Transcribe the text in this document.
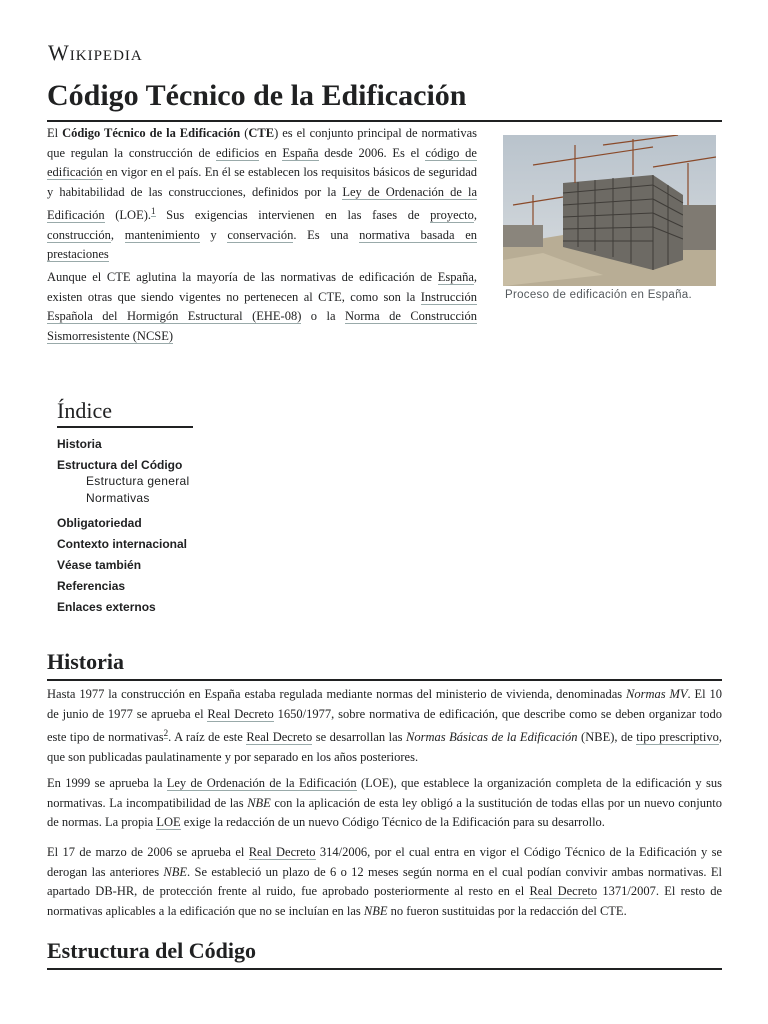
Wikipedia
Código Técnico de la Edificación

El Código Técnico de la Edificación (CTE) es el conjunto principal de normativas que regulan la construcción de edificios en España desde 2006. Es el código de edificación en vigor en el país. En él se establecen los requisitos básicos de seguridad y habitabilidad de las construcciones, definidos por la Ley de Ordenación de la Edificación (LOE).$^1$ Sus exigencias intervienen en las fases de proyecto, construcción, mantenimiento y conservación. Es una normativa basada en prestaciones

Aunque el CTE aglutina la mayoría de las normativas de edificación de España, existen otras que siendo vigentes no pertenecen al CTE, como son la Instrucción Española del Hormigón Estructural (EHE-08) o la Norma de Construcción Sismorresistente (NCSE)

Proceso de edificación en España.
Índice
Historia
Estructura del Código
Estructura general
Normativas
Obligatoriedad
Contexto internacional
Véase también
Referencias
Enlaces externos
Historia

Hasta 1977 la construcción en España estaba regulada mediante normas del ministerio de vivienda, denominadas Normas MV. El 10 de junio de 1977 se aprueba el Real Decreto 1650/1977, sobre normativa de edificación, que describe como se deben organizar todo este tipo de normativas$^2$. A raíz de este Real Decreto se desarrollan las Normas Básicas de la Edificación (NBE), de tipo prescriptivo, que son publicadas paulatinamente y por separado en los años posteriores.

En 1999 se aprueba la Ley de Ordenación de la Edificación (LOE), que establece la organización completa de la edificación y sus normativas. La incompatibilidad de las NBE con la aplicación de esta ley obligó a la sustitución de todas ellas por un nuevo conjunto de normas. La propia LOE exige la redacción de un nuevo Código Técnico de la Edificación para su desarrollo.

El 17 de marzo de 2006 se aprueba el Real Decreto 314/2006, por el cual entra en vigor el Código Técnico de la Edificación y se derogan las anteriores NBE. Se estableció un plazo de 6 o 12 meses según norma en el cual podían convivir ambas normativas. El apartado DB-HR, de protección frente al ruido, fue aprobado posteriormente al resto en el Real Decreto 1371/2007. El resto de normativas aplicables a la edificación que no se incluían en las NBE no fueron sustituidas por la redacción del CTE.

Estructura del Código
